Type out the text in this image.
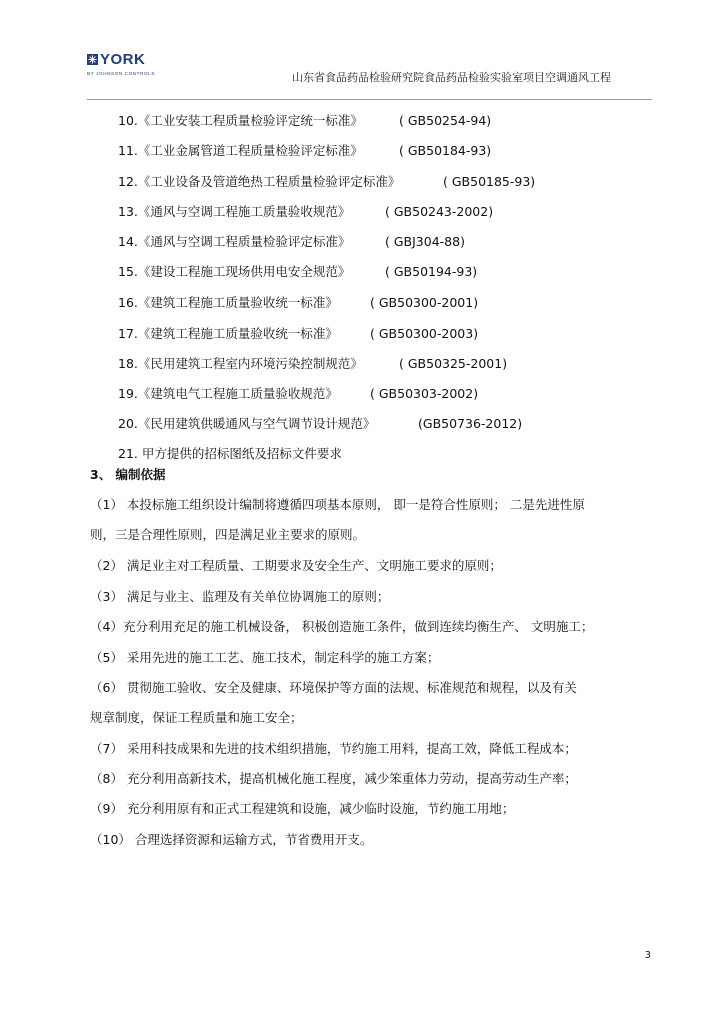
YORK
BY JOHNSON CONTROLS	山东省食品药品检验研究院食品药品检验实验室项目空调通风工程
10.《工业安装工程质量检验评定统一标准》	( GB50254-94)
11.《工业金属管道工程质量检验评定标准》	( GB50184-93)
12.《工业设备及管道绝热工程质量检验评定标准》	( GB50185-93)
13.《通风与空调工程施工质量验收规范》	( GB50243-2002)
14.《通风与空调工程质量检验评定标准》	( GBJ304-88)
15.《建设工程施工现场供用电安全规范》	( GB50194-93)
16.《建筑工程施工质量验收统一标准》	( GB50300-2001)
17.《建筑工程施工质量验收统一标准》	( GB50300-2003)
18.《民用建筑工程室内环境污染控制规范》	( GB50325-2001)
19.《建筑电气工程施工质量验收规范》	( GB50303-2002)
20.《民用建筑供暖通风与空气调节设计规范》	(GB50736-2012)
21. 甲方提供的招标图纸及招标文件要求
3、 编制依据
（1） 本投标施工组织设计编制将遵循四项基本原则， 即一是符合性原则； 二是先进性原
则，三是合理性原则，四是满足业主要求的原则。
（2） 满足业主对工程质量、工期要求及安全生产、文明施工要求的原则；
（3） 满足与业主、监理及有关单位协调施工的原则；
（4）充分利用充足的施工机械设备， 积极创造施工条件，做到连续均衡生产、 文明施工；
（5） 采用先进的施工工艺、施工技术，制定科学的施工方案；
（6） 贯彻施工验收、安全及健康、环境保护等方面的法规、标准规范和规程，以及有关
规章制度，保证工程质量和施工安全；
（7） 采用科技成果和先进的技术组织措施，节约施工用料，提高工效，降低工程成本；
（8） 充分利用高新技术，提高机械化施工程度，减少笨重体力劳动，提高劳动生产率；
（9） 充分利用原有和正式工程建筑和设施，减少临时设施，节约施工用地；
（10） 合理选择资源和运输方式，节省费用开支。
3
